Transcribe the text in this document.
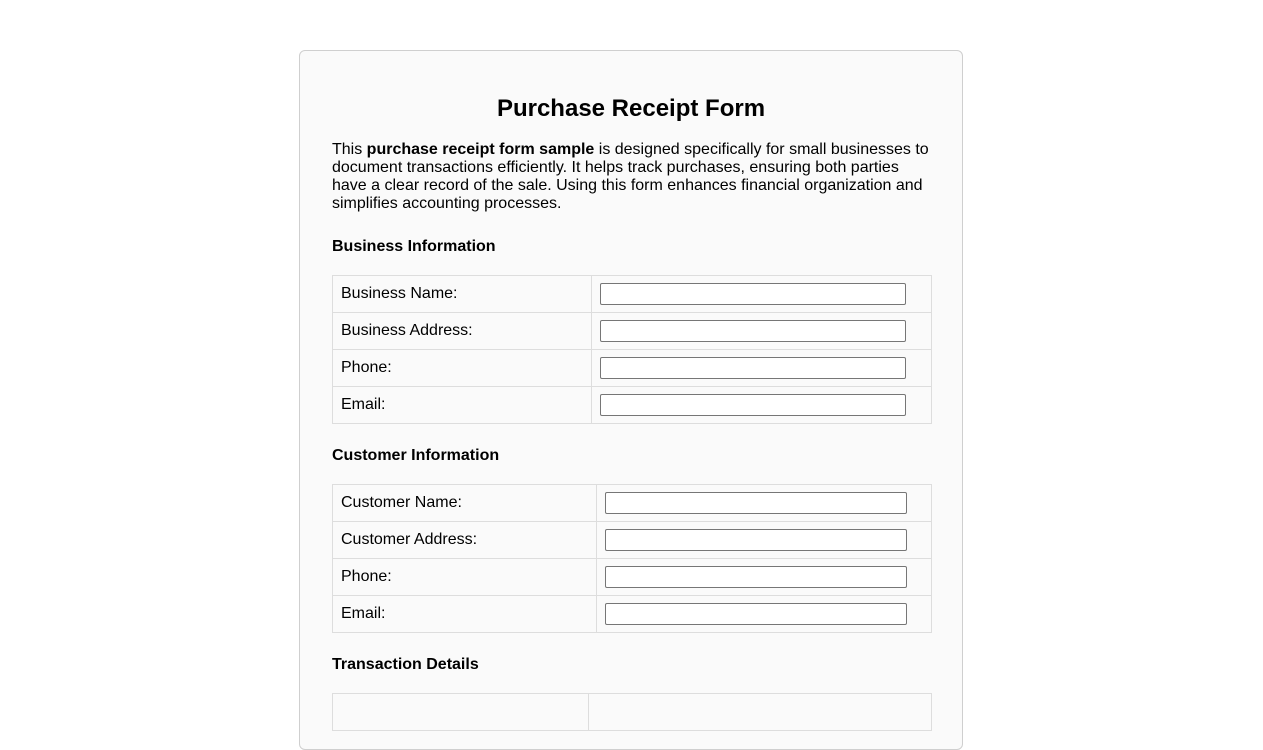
Purchase Receipt Form

This purchase receipt form sample is designed specifically for small businesses to document transactions efficiently. It helps track purchases, ensuring both parties have a clear record of the sale. Using this form enhances financial organization and simplifies accounting processes.

Business Information
Business Name:	

Business Address:	

Phone:	

Email:	
Customer Information
Customer Name:	

Customer Address:	

Phone:	

Email:	
Transaction Details
